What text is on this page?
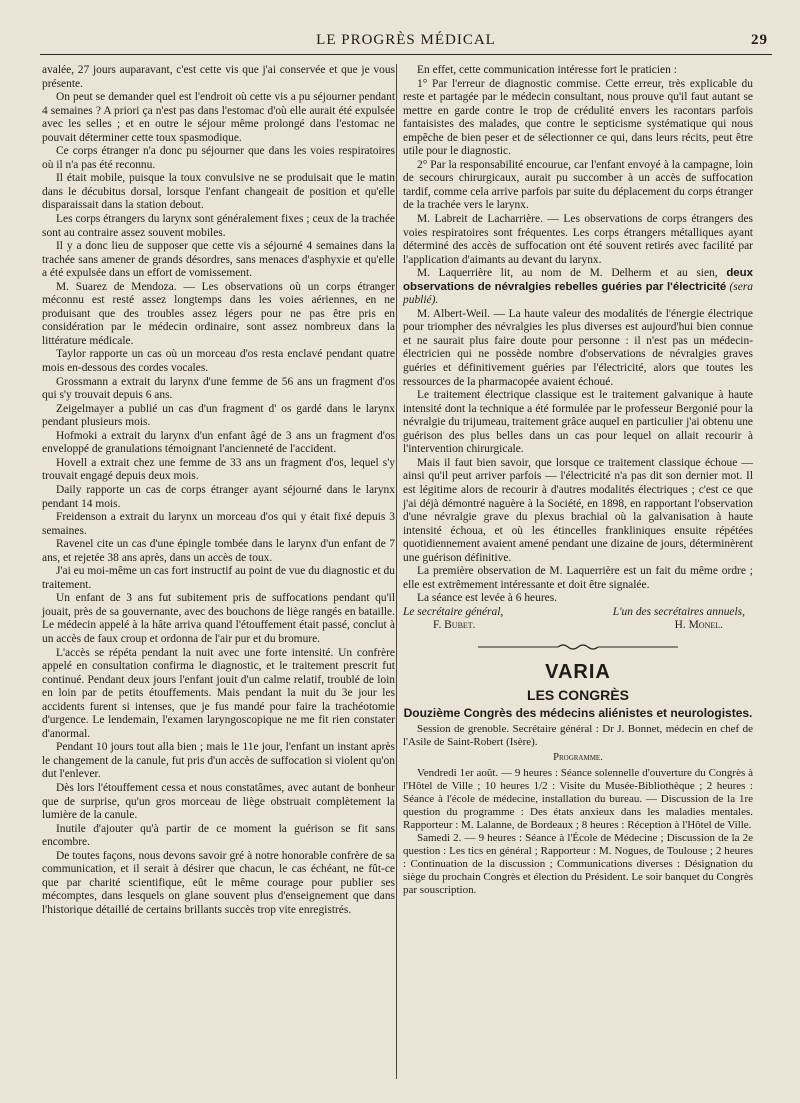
LE PROGRÈS MÉDICAL	29

avalée, 27 jours auparavant, c'est cette vis que j'ai conservée et que je vous présente.

On peut se demander quel est l'endroit où cette vis a pu séjourner pendant 4 semaines ? A priori ça n'est pas dans l'estomac d'où elle aurait été expulsée avec les selles ; et en outre le séjour même prolongé dans l'estomac ne pouvait déterminer cette toux spasmodique.

Ce corps étranger n'a donc pu séjourner que dans les voies respiratoires où il n'a pas été reconnu.

Il était mobile, puisque la toux convulsive ne se produisait que le matin dans le décubitus dorsal, lorsque l'enfant changeait de position et qu'elle disparaissait dans la station debout.

Les corps étrangers du larynx sont généralement fixes ; ceux de la trachée sont au contraire assez souvent mobiles.

Il y a donc lieu de supposer que cette vis a séjourné 4 semaines dans la trachée sans amener de grands désordres, sans menaces d'asphyxie et qu'elle a été expulsée dans un effort de vomissement.

M. Suarez de Mendoza. — Les observations où un corps étranger méconnu est resté assez longtemps dans les voies aériennes, en ne produisant que des troubles assez légers pour ne pas être pris en considération par le médecin ordinaire, sont assez nombreux dans la littérature médicale.

Taylor rapporte un cas où un morceau d'os resta enclavé pendant quatre mois en-dessous des cordes vocales.

Grossmann a extrait du larynx d'une femme de 56 ans un fragment d'os qui s'y trouvait depuis 6 ans.

Zeigelmayer a publié un cas d'un fragment d' os gardé dans le larynx pendant plusieurs mois.

Hofmoki a extrait du larynx d'un enfant âgé de 3 ans un fragment d'os enveloppé de granulations témoignant l'ancienneté de l'accident.

Hovell a extrait chez une femme de 33 ans un fragment d'os, lequel s'y trouvait engagé depuis deux mois.

Daily rapporte un cas de corps étranger ayant séjourné dans le larynx pendant 14 mois.

Freidenson a extrait du larynx un morceau d'os qui y était fixé depuis 3 semaines.

Ravenel cite un cas d'une épingle tombée dans le larynx d'un enfant de 7 ans, et rejetée 38 ans après, dans un accès de toux.

J'ai eu moi-même un cas fort instructif au point de vue du diagnostic et du traitement.

Un enfant de 3 ans fut subitement pris de suffocations pendant qu'il jouait, près de sa gouvernante, avec des bouchons de liège rangés en bataille. Le médecin appelé à la hâte arriva quand l'étouffement était passé, conclut à un accès de faux croup et ordonna de l'air pur et du bromure.

L'accès se répéta pendant la nuit avec une forte intensité. Un confrère appelé en consultation confirma le diagnostic, et le traitement prescrit fut continué. Pendant deux jours l'enfant jouit d'un calme relatif, troublé de loin en loin par de petits étouffements. Mais pendant la nuit du 3e jour les accidents furent si intenses, que je fus mandé pour faire la trachéotomie d'urgence. Le lendemain, l'examen laryngoscopique ne me fit rien constater d'anormal.

Pendant 10 jours tout alla bien ; mais le 11e jour, l'enfant un instant après le changement de la canule, fut pris d'un accès de suffocation si violent qu'on dut l'enlever.

Dès lors l'étouffement cessa et nous constatâmes, avec autant de bonheur que de surprise, qu'un gros morceau de liège obstruait complètement la lumière de la canule.

Inutile d'ajouter qu'à partir de ce moment la guérison se fit sans encombre.

De toutes façons, nous devons savoir gré à notre honorable confrère de sa communication, et il serait à désirer que chacun, le cas échéant, ne fût-ce que par charité scientifique, eût le même courage pour publier ses mécomptes, dans lesquels on glane souvent plus d'enseignement que dans l'historique détaillé de certains brillants succès trop vite enregistrés.

En effet, cette communication intéresse fort le praticien :

1° Par l'erreur de diagnostic commise. Cette erreur, très explicable du reste et partagée par le médecin consultant, nous prouve qu'il faut autant se mettre en garde contre le trop de crédulité envers les racontars parfois fantaisistes des malades, que contre le septicisme systématique qui nous empêche de bien peser et de sélectionner ce qui, dans leurs récits, peut être utile pour le diagnostic.

2° Par la responsabilité encourue, car l'enfant envoyé à la campagne, loin de secours chirurgicaux, aurait pu succomber à un accès de suffocation tardif, comme cela arrive parfois par suite du déplacement du corps étranger de la trachée vers le larynx.

M. Labreit de Lacharrière. — Les observations de corps étrangers des voies respiratoires sont fréquentes. Les corps étrangers métalliques ayant déterminé des accès de suffocation ont été souvent retirés avec facilité par l'application d'aimants au devant du larynx.

M. Laquerrière lit, au nom de M. Delherm et au sien, deux observations de névralgies rebelles guéries par l'électricité (sera publié).

M. Albert-Weil. — La haute valeur des modalités de l'énergie électrique pour triompher des névralgies les plus diverses est aujourd'hui bien connue et ne saurait plus faire doute pour personne : il n'est pas un médecin-électricien qui ne possède nombre d'observations de névralgies graves guéries et définitivement guéries par l'électricité, alors que toutes les ressources de la pharmacopée avaient échoué.

Le traitement électrique classique est le traitement galvanique à haute intensité dont la technique a été formulée par le professeur Bergonié pour la névralgie du trijumeau, traitement grâce auquel en particulier j'ai obtenu une guérison des plus belles dans un cas pour lequel on allait recourir à l'intervention chirurgicale.

Mais il faut bien savoir, que lorsque ce traitement classique échoue — ainsi qu'il peut arriver parfois — l'électricité n'a pas dit son dernier mot. Il est légitime alors de recourir à d'autres modalités électriques ; c'est ce que j'ai déjà démontré naguère à la Société, en 1898, en rapportant l'observation d'une névralgie grave du plexus brachial où la galvanisation à haute intensité échoua, et où les étincelles frankliniques ensuite répétées quotidiennement avaient amené pendant une dizaine de jours, déterminèrent une guérison définitive.

La première observation de M. Laquerrière est un fait du même ordre ; elle est extrêmement intéressante et doit être signalée.

La séance est levée à 6 heures.

Le secrétaire général,	L'un des secrétaires annuels,
F. Bubet.	H. Monel.
VARIA
LES CONGRÈS
Douzième Congrès des médecins aliénistes et neurologistes.

Session de grenoble. Secrétaire général : Dr J. Bonnet, médecin en chef de l'Asile de Saint-Robert (Isère).

Programme.

Vendredi 1er août. — 9 heures : Séance solennelle d'ouverture du Congrès à l'Hôtel de Ville ; 10 heures 1/2 : Visite du Musée-Bibliothèque ; 2 heures : Séance à l'école de médecine, installation du bureau. — Discussion de la 1re question du programme : Des états anxieux dans les maladies mentales. Rapporteur : M. Lalanne, de Bordeaux ; 8 heures : Réception à l'Hôtel de Ville.

Samedi 2. — 9 heures : Séance à l'École de Médecine ; Discussion de la 2e question : Les tics en général ; Rapporteur : M. Nogues, de Toulouse ; 2 heures : Continuation de la discussion ; Communications diverses : Désignation du siège du prochain Congrès et élection du Président. Le soir banquet du Congrès par souscription.
